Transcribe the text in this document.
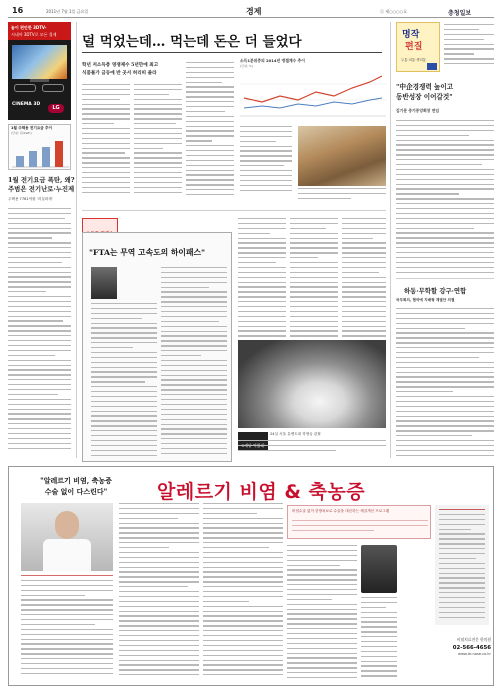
16	2011년 7월 1일 금요일	경제	ⓢ 제○○○○호	충청일보
놓이 편안한 3DTV-
시네마 3DTV로 모든 경제
CINEMA 3D
LG
1월 주택용 전기요금 추이
(단위: 원/kWh)
1월 전기요금 폭탄, 왜?
주범은 전기난로·누진제
주택용 7781억원 '괴실화재'
덜 먹었는데… 먹는데 돈은 더 들었다
학년 저소득층 영쟁제수 5년만에 최고
식품볼가 금등에 반 곳서 허리띠 졸라
소득1분위층의 2014년 엥겔계수 추이
(단위: %)
명작
편질
두통·치통·생리통
"中企경쟁력 높이고
동반성장 이어갈것"
김기문 중기중앙회장 연임
하동·무학할 강구·연합
국무회의, 협약에 지배형 계열안 의결
"FTA는 무역 고속도의 하이패스"
24일 서울 유벤트대 학생들 관찰
"알레르기 비염, 축농증
수술 없이 다스린다"	알레르기 비염 & 축농증
비염수술 없이 한방치료로 수술을 대신하는 체질개선 프로그램
비염치료전문 한의원
02-566-4656
www.dr-nose.co.kr
